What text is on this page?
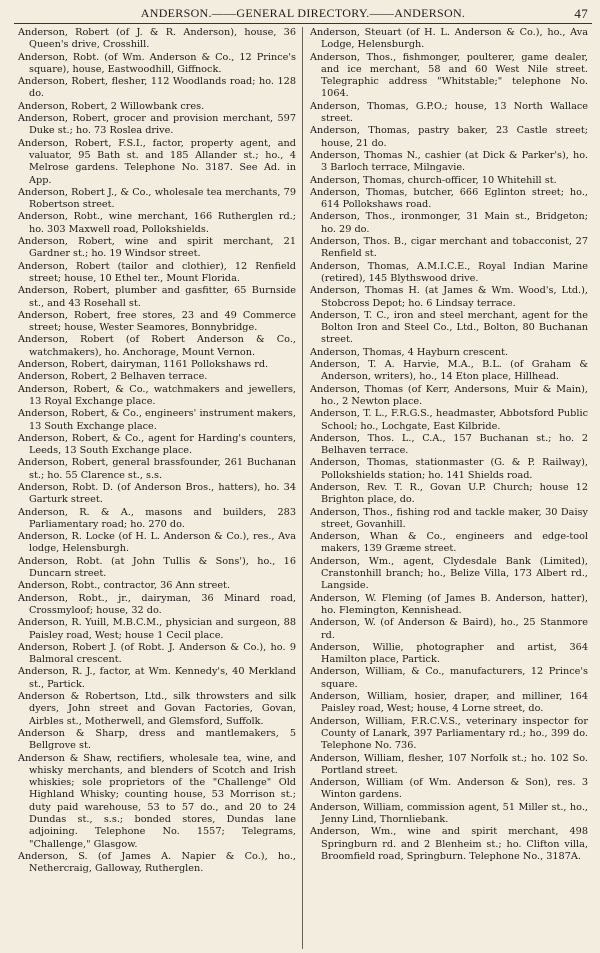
ANDERSON.——GENERAL DIRECTORY.——ANDERSON.	47

Anderson, Robert (of J. & R. Anderson), house, 36 Queen's drive, Crosshill.

Anderson, Robt. (of Wm. Anderson & Co., 12 Prince's square), house, Eastwoodhill, Giffnock.

Anderson, Robert, flesher, 112 Woodlands road; ho. 128 do.

Anderson, Robert, 2 Willowbank cres.

Anderson, Robert, grocer and provision merchant, 597 Duke st.; ho. 73 Roslea drive.

Anderson, Robert, F.S.I., factor, property agent, and valuator, 95 Bath st. and 185 Allander st.; ho., 4 Melrose gardens. Telephone No. 3187. See Ad. in App.

Anderson, Robert J., & Co., wholesale tea merchants, 79 Robertson street.

Anderson, Robt., wine merchant, 166 Rutherglen rd.; ho. 303 Maxwell road, Pollokshields.

Anderson, Robert, wine and spirit merchant, 21 Gardner st.; ho. 19 Windsor street.

Anderson, Robert (tailor and clothier), 12 Renfield street; house, 10 Ethel ter., Mount Florida.

Anderson, Robert, plumber and gasfitter, 65 Burnside st., and 43 Rosehall st.

Anderson, Robert, free stores, 23 and 49 Commerce street; house, Wester Seamores, Bonnybridge.

Anderson, Robert (of Robert Anderson & Co., watchmakers), ho. Anchorage, Mount Vernon.

Anderson, Robert, dairyman, 1161 Pollokshaws rd.

Anderson, Robert, 2 Belhaven terrace.

Anderson, Robert, & Co., watchmakers and jewellers, 13 Royal Exchange place.

Anderson, Robert, & Co., engineers' instrument makers, 13 South Exchange place.

Anderson, Robert, & Co., agent for Harding's counters, Leeds, 13 South Exchange place.

Anderson, Robert, general brassfounder, 261 Buchanan st.; ho. 55 Clarence st., s.s.

Anderson, Robt. D. (of Anderson Bros., hatters), ho. 34 Garturk street.

Anderson, R. & A., masons and builders, 283 Parliamentary road; ho. 270 do.

Anderson, R. Locke (of H. L. Anderson & Co.), res., Ava lodge, Helensburgh.

Anderson, Robt. (at John Tullis & Sons'), ho., 16 Duncarn street.

Anderson, Robt., contractor, 36 Ann street.

Anderson, Robt., jr., dairyman, 36 Minard road, Crossmyloof; house, 32 do.

Anderson, R. Yuill, M.B.C.M., physician and surgeon, 88 Paisley road, West; house 1 Cecil place.

Anderson, Robert J. (of Robt. J. Anderson & Co.), ho. 9 Balmoral crescent.

Anderson, R. J., factor, at Wm. Kennedy's, 40 Merkland st., Partick.

Anderson & Robertson, Ltd., silk throwsters and silk dyers, John street and Govan Factories, Govan, Airbles st., Motherwell, and Glemsford, Suffolk.

Anderson & Sharp, dress and mantlemakers, 5 Bellgrove st.

Anderson & Shaw, rectifiers, wholesale tea, wine, and whisky merchants, and blenders of Scotch and Irish whiskies; sole proprietors of the "Challenge" Old Highland Whisky; counting house, 53 Morrison st.; duty paid warehouse, 53 to 57 do., and 20 to 24 Dundas st., s.s.; bonded stores, Dundas lane adjoining. Telephone No. 1557; Telegrams, "Challenge," Glasgow.

Anderson, S. (of James A. Napier & Co.), ho., Nethercraig, Galloway, Rutherglen.

Anderson, Steuart (of H. L. Anderson & Co.), ho., Ava Lodge, Helensburgh.

Anderson, Thos., fishmonger, poulterer, game dealer, and ice merchant, 58 and 60 West Nile street. Telegraphic address "Whitstable;" telephone No. 1064.

Anderson, Thomas, G.P.O.; house, 13 North Wallace street.

Anderson, Thomas, pastry baker, 23 Castle street; house, 21 do.

Anderson, Thomas N., cashier (at Dick & Parker's), ho. 3 Barloch terrace, Milngavie.

Anderson, Thomas, church-officer, 10 Whitehill st.

Anderson, Thomas, butcher, 666 Eglinton street; ho., 614 Pollokshaws road.

Anderson, Thos., ironmonger, 31 Main st., Bridgeton; ho. 29 do.

Anderson, Thos. B., cigar merchant and tobacconist, 27 Renfield st.

Anderson, Thomas, A.M.I.C.E., Royal Indian Marine (retired), 145 Blythswood drive.

Anderson, Thomas H. (at James & Wm. Wood's, Ltd.), Stobcross Depot; ho. 6 Lindsay terrace.

Anderson, T. C., iron and steel merchant, agent for the Bolton Iron and Steel Co., Ltd., Bolton, 80 Buchanan street.

Anderson, Thomas, 4 Hayburn crescent.

Anderson, T. A. Harvie, M.A., B.L. (of Graham & Anderson, writers), ho., 14 Eton place, Hillhead.

Anderson, Thomas (of Kerr, Andersons, Muir & Main), ho., 2 Newton place.

Anderson, T. L., F.R.G.S., headmaster, Abbotsford Public School; ho., Lochgate, East Kilbride.

Anderson, Thos. L., C.A., 157 Buchanan st.; ho. 2 Belhaven terrace.

Anderson, Thomas, stationmaster (G. & P. Railway), Pollokshields station; ho. 141 Shields road.

Anderson, Rev. T. R., Govan U.P. Church; house 12 Brighton place, do.

Anderson, Thos., fishing rod and tackle maker, 30 Daisy street, Govanhill.

Anderson, Whan & Co., engineers and edge-tool makers, 139 Græme street.

Anderson, Wm., agent, Clydesdale Bank (Limited), Cranstonhill branch; ho., Belize Villa, 173 Albert rd., Langside.

Anderson, W. Fleming (of James B. Anderson, hatter), ho. Flemington, Kennishead.

Anderson, W. (of Anderson & Baird), ho., 25 Stanmore rd.

Anderson, Willie, photographer and artist, 364 Hamilton place, Partick.

Anderson, William, & Co., manufacturers, 12 Prince's square.

Anderson, William, hosier, draper, and milliner, 164 Paisley road, West; house, 4 Lorne street, do.

Anderson, William, F.R.C.V.S., veterinary inspector for County of Lanark, 397 Parliamentary rd.; ho., 399 do. Telephone No. 736.

Anderson, William, flesher, 107 Norfolk st.; ho. 102 So. Portland street.

Anderson, William (of Wm. Anderson & Son), res. 3 Winton gardens.

Anderson, William, commission agent, 51 Miller st., ho., Jenny Lind, Thornliebank.

Anderson, Wm., wine and spirit merchant, 498 Springburn rd. and 2 Blenheim st.; ho. Clifton villa, Broomfield road, Springburn. Telephone No., 3187A.
